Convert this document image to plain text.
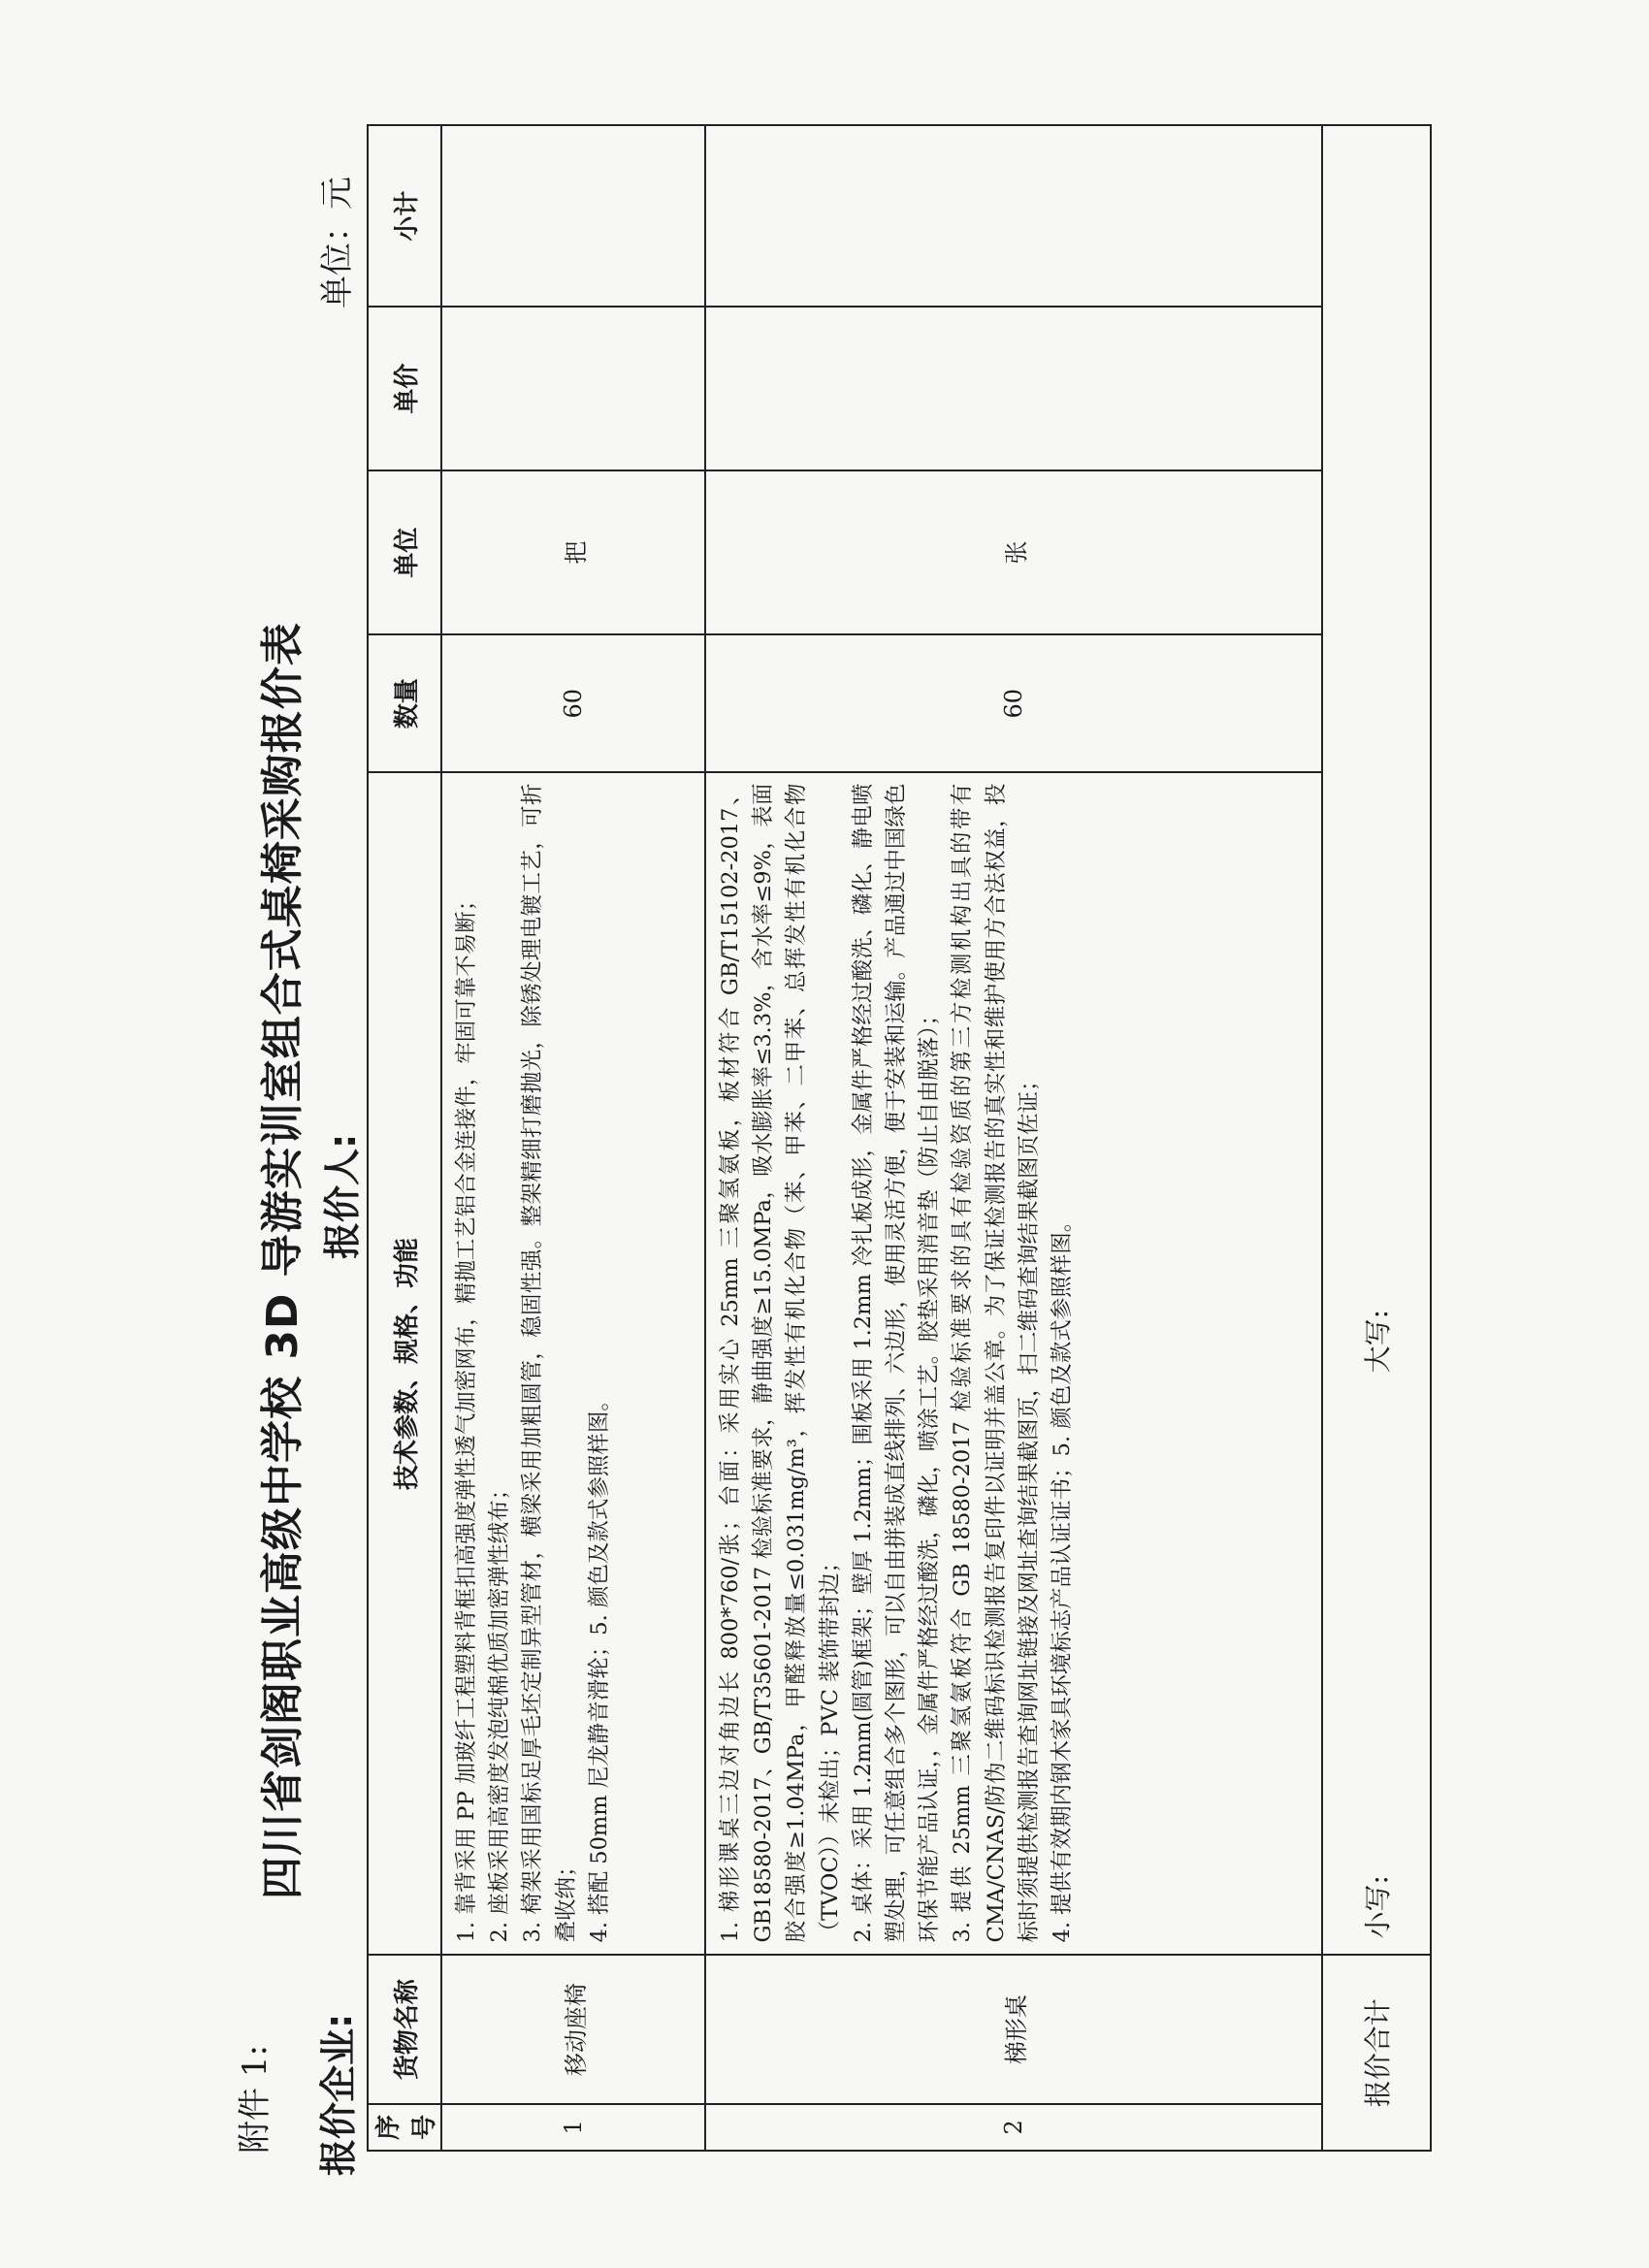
附件 1:
四川省剑阁职业高级中学校 3D 导游实训室组合式桌椅采购报价表
单位：元
报价企业:
报价人:
序号	货物名称	技术参数、规格、功能	数量	单位	单价	小计
1	移动座椅	1. 靠背采用 PP 加玻纤工程塑料背框扣高强度弹性透气加密网布，精抛工艺铝合金连接件，牢固可靠不易断； 2. 座板采用高密度发泡纯棉优质加密弹性绒布； 3. 椅架采用国标足厚毛坯定制异型管材，横梁采用加粗圆管，稳固性强。整架精细打磨抛光，除锈处理电镀工艺，可折叠收纳； 4. 搭配 50mm 尼龙静音滑轮；5. 颜色及款式参照样图。	60	把		
2	梯形桌	1. 梯形课桌三边对角边长 800*760/张；台面：采用实心 25mm 三聚氢氨板，板材符合 GB/T15102-2017、GB18580-2017、GB/T35601-2017 检验标准要求，静曲强度≥15.0MPa，吸水膨胀率≤3.3%，含水率≤9%，表面胶合强度≥1.04MPa，甲醛释放量≤0.031mg/m³，挥发性有机化合物（苯、甲苯、二甲苯、总挥发性有机化合物（TVOC））未检出；PVC 装饰带封边； 2. 桌体：采用 1.2mm(圆管)框架；壁厚 1.2mm；围板采用 1.2mm 冷扎板成形，金属件严格经过酸洗、磷化、静电喷塑处理，可任意组合多个图形，可以自由拼装成直线排列、六边形，使用灵活方便，便于安装和运输。产品通过中国绿色环保节能产品认证，，金属件严格经过酸洗，磷化，喷涂工艺。胶垫采用消音垫（防止自由脱落）； 3. 提供 25mm 三聚氢氨板符合 GB 18580-2017 检验标准要求的具有检验资质的第三方检测机构出具的带有 CMA/CNAS/防伪二维码标识检测报告复印件以证明并盖公章。为了保证检测报告的真实性和维护使用方合法权益，投标时须提供检测报告查询网址链接及网址查询结果截图页，扫二维码查询结果截图页佐证； 4. 提供有效期内钢木家具环境标志产品认证证书；5. 颜色及款式参照样图。	60	张		
报价合计		小写: 大写:				
